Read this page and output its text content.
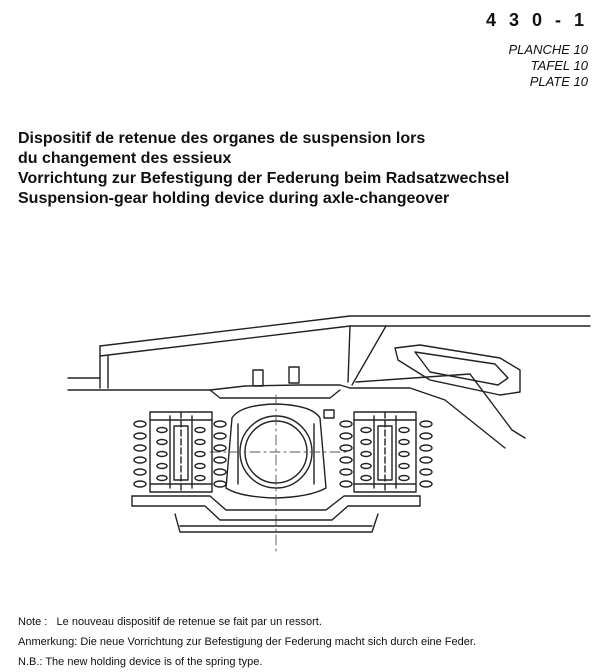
4 3 0 - 1
PLANCHE 10
TAFEL 10
PLATE 10
Dispositif de retenue des organes de suspension lors
du changement des essieux
Vorrichtung zur Befestigung der Federung beim Radsatzwechsel
Suspension-gear holding device during axle-changeover
Note : Le nouveau dispositif de retenue se fait par un ressort.
Anmerkung: Die neue Vorrichtung zur Befestigung der Federung macht sich durch eine Feder.
N.B.: The new holding device is of the spring type.
